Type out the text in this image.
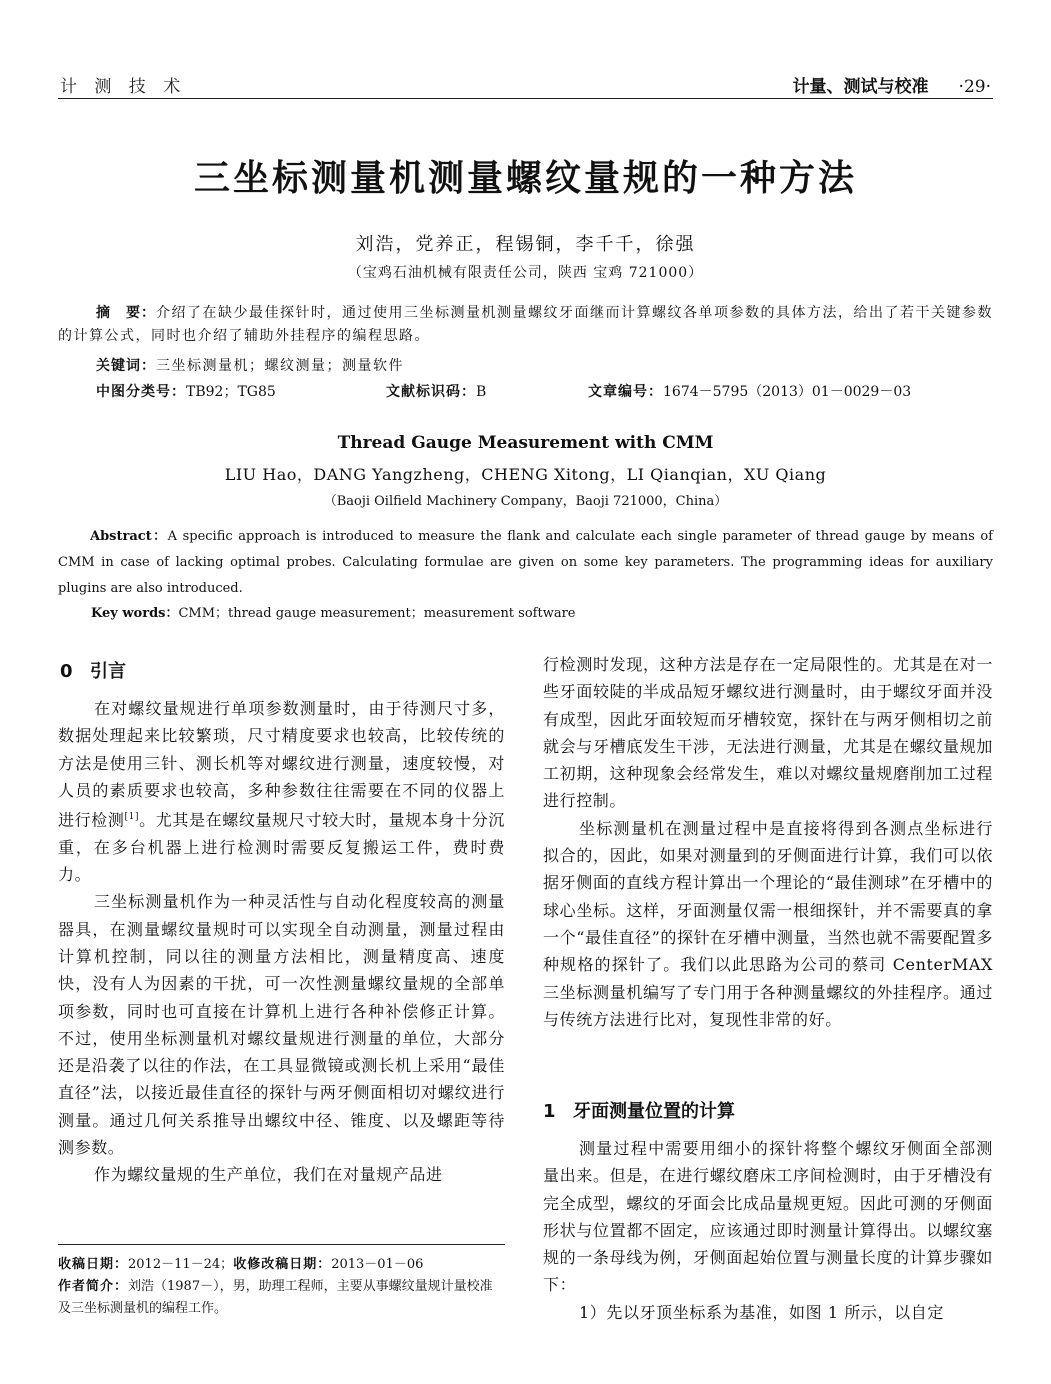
计 测 技 术	计量、测试与校准 ·29·
三坐标测量机测量螺纹量规的一种方法
刘浩，党养正，程锡铜，李千千，徐强
（宝鸡石油机械有限责任公司，陕西 宝鸡 721000）
摘　要：介绍了在缺少最佳探针时，通过使用三坐标测量机测量螺纹牙面继而计算螺纹各单项参数的具体方法，给出了若干关键参数的计算公式，同时也介绍了辅助外挂程序的编程思路。
关键词：三坐标测量机；螺纹测量；测量软件
中图分类号：TB92；TG85	文献标识码：B	文章编号：1674－5795（2013）01－0029－03
Thread Gauge Measurement with CMM
LIU Hao，DANG Yangzheng，CHENG Xitong，LI Qianqian，XU Qiang
（Baoji Oilfield Machinery Company，Baoji 721000，China）
Abstract：A specific approach is introduced to measure the flank and calculate each single parameter of thread gauge by means of CMM in case of lacking optimal probes. Calculating formulae are given on some key parameters. The programming ideas for auxiliary plugins are also introduced.
Key words：CMM；thread gauge measurement；measurement software
0 引言

在对螺纹量规进行单项参数测量时，由于待测尺寸多，数据处理起来比较繁琐，尺寸精度要求也较高，比较传统的方法是使用三针、测长机等对螺纹进行测量，速度较慢，对人员的素质要求也较高，多种参数往往需要在不同的仪器上进行检测[1]。尤其是在螺纹量规尺寸较大时，量规本身十分沉重，在多台机器上进行检测时需要反复搬运工件，费时费力。

三坐标测量机作为一种灵活性与自动化程度较高的测量器具，在测量螺纹量规时可以实现全自动测量，测量过程由计算机控制，同以往的测量方法相比，测量精度高、速度快，没有人为因素的干扰，可一次性测量螺纹量规的全部单项参数，同时也可直接在计算机上进行各种补偿修正计算。不过，使用坐标测量机对螺纹量规进行测量的单位，大部分还是沿袭了以往的作法，在工具显微镜或测长机上采用“最佳直径”法，以接近最佳直径的探针与两牙侧面相切对螺纹进行测量。通过几何关系推导出螺纹中径、锥度、以及螺距等待测参数。

作为螺纹量规的生产单位，我们在对量规产品进

收稿日期：2012－11－24；收修改稿日期：2013－01－06
作者简介：刘浩（1987－），男，助理工程师，主要从事螺纹量规计量校准及三坐标测量机的编程工作。

行检测时发现，这种方法是存在一定局限性的。尤其是在对一些牙面较陡的半成品短牙螺纹进行测量时，由于螺纹牙面并没有成型，因此牙面较短而牙槽较宽，探针在与两牙侧相切之前就会与牙槽底发生干涉，无法进行测量，尤其是在螺纹量规加工初期，这种现象会经常发生，难以对螺纹量规磨削加工过程进行控制。

坐标测量机在测量过程中是直接将得到各测点坐标进行拟合的，因此，如果对测量到的牙侧面进行计算，我们可以依据牙侧面的直线方程计算出一个理论的“最佳测球”在牙槽中的球心坐标。这样，牙面测量仅需一根细探针，并不需要真的拿一个“最佳直径”的探针在牙槽中测量，当然也就不需要配置多种规格的探针了。我们以此思路为公司的蔡司 CenterMAX 三坐标测量机编写了专门用于各种测量螺纹的外挂程序。通过与传统方法进行比对，复现性非常的好。

1 牙面测量位置的计算

测量过程中需要用细小的探针将整个螺纹牙侧面全部测量出来。但是，在进行螺纹磨床工序间检测时，由于牙槽没有完全成型，螺纹的牙面会比成品量规更短。因此可测的牙侧面形状与位置都不固定，应该通过即时测量计算得出。以螺纹塞规的一条母线为例，牙侧面起始位置与测量长度的计算步骤如下：

1）先以牙顶坐标系为基准，如图 1 所示，以自定
